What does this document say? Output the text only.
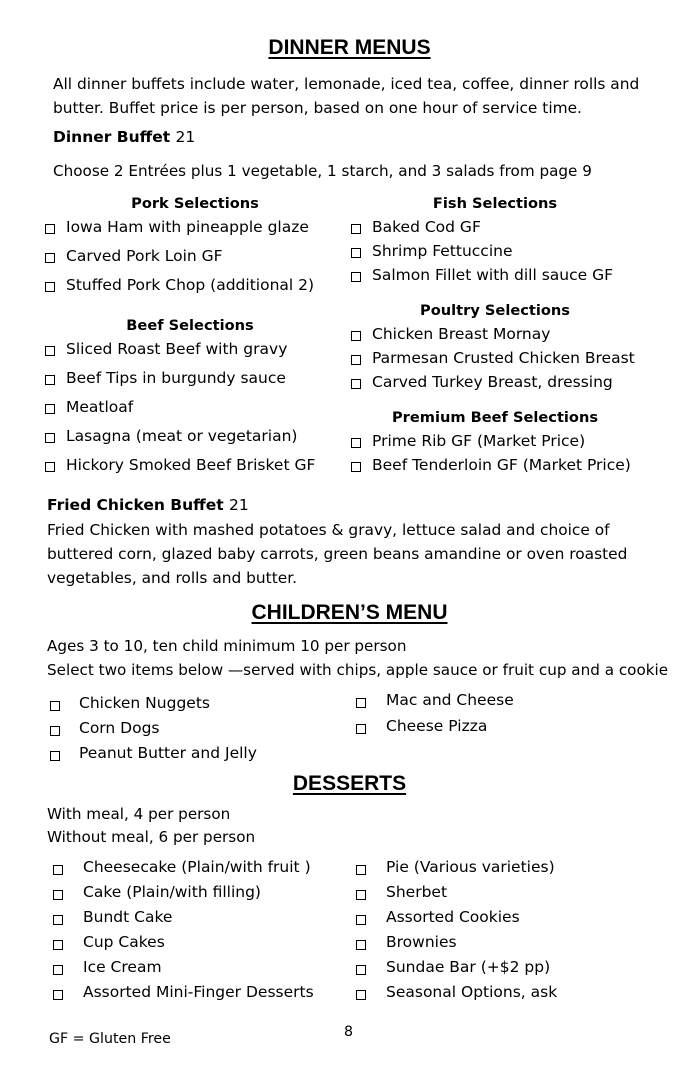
DINNER MENUS
All dinner buffets include water, lemonade, iced tea, coffee, dinner rolls and butter. Buffet price is per person, based on one hour of service time.
Dinner Buffet 21
Choose 2 Entrées plus 1 vegetable, 1 starch, and 3 salads from page 9
Pork Selections
Iowa Ham with pineapple glaze
Carved Pork Loin GF
Stuffed Pork Chop (additional 2)
Beef Selections
Sliced Roast Beef with gravy
Beef Tips in burgundy sauce
Meatloaf
Lasagna (meat or vegetarian)
Hickory Smoked Beef Brisket GF
Fish Selections
Baked Cod GF
Shrimp Fettuccine
Salmon Fillet with dill sauce GF
Poultry Selections
Chicken Breast Mornay
Parmesan Crusted Chicken Breast
Carved Turkey Breast, dressing
Premium Beef Selections
Prime Rib GF (Market Price)
Beef Tenderloin GF (Market Price)
Fried Chicken Buffet 21
Fried Chicken with mashed potatoes & gravy, lettuce salad and choice of buttered corn, glazed baby carrots, green beans amandine or oven roasted vegetables, and rolls and butter.
CHILDREN’S MENU
Ages 3 to 10, ten child minimum 10 per person
Select two items below —served with chips, apple sauce or fruit cup and a cookie
Chicken Nuggets
Corn Dogs
Peanut Butter and Jelly
Mac and Cheese
Cheese Pizza
DESSERTS
With meal, 4 per person
Without meal, 6 per person
Cheesecake (Plain/with fruit )
Cake (Plain/with filling)
Bundt Cake
Cup Cakes
Ice Cream
Assorted Mini-Finger Desserts
Pie (Various varieties)
Sherbet
Assorted Cookies
Brownies
Sundae Bar (+$2 pp)
Seasonal Options, ask
GF = Gluten Free	8
